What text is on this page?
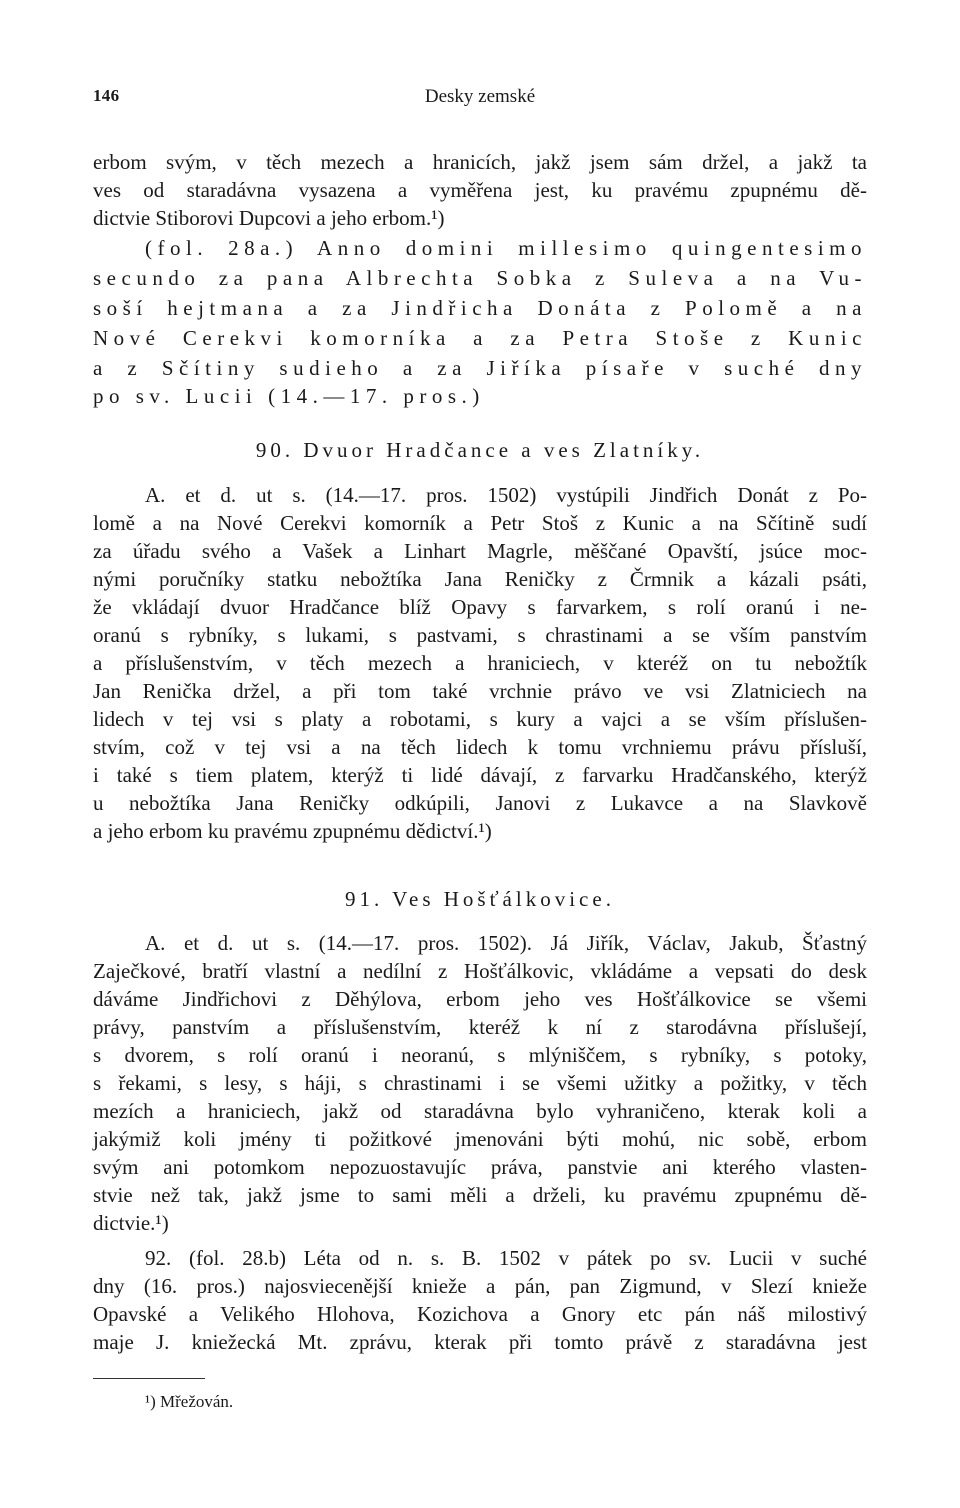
146	Desky zemské
erbom svým, v těch mezech a hranicích, jakž jsem sám držel, a jakž ta
ves od staradávna vysazena a vyměřena jest, ku pravému zpupnému dě-
dictvie Stiborovi Dupcovi a jeho erbom.¹)
(fol. 28a.) Anno domini millesimo quingentesimo
secundo za pana Albrechta Sobka z Suleva a na Vu-
soší hejtmana a za Jindřicha Donáta z Polomě a na
Nové Cerekvi komorníka a za Petra Stoše z Kunic
a z Sčítiny sudieho a za Jiříka písaře v suché dny
po sv. Lucii (14.—17. pros.)
90. Dvuor Hradčance a ves Zlatníky.
A. et d. ut s. (14.—17. pros. 1502) vystúpili Jindřich Donát z Po-
lomě a na Nové Cerekvi komorník a Petr Stoš z Kunic a na Sčítině sudí
za úřadu svého a Vašek a Linhart Magrle, měščané Opavští, jsúce moc-
nými poručníky statku nebožtíka Jana Reničky z Črmnik a kázali psáti,
že vkládají dvuor Hradčance blíž Opavy s farvarkem, s rolí oranú i ne-
oranú s rybníky, s lukami, s pastvami, s chrastinami a se vším panstvím
a příslušenstvím, v těch mezech a hraniciech, v kteréž on tu nebožtík
Jan Renička držel, a při tom také vrchnie právo ve vsi Zlatniciech na
lidech v tej vsi s platy a robotami, s kury a vajci a se vším příslušen-
stvím, což v tej vsi a na těch lidech k tomu vrchniemu právu přísluší,
i také s tiem platem, kterýž ti lidé dávají, z farvarku Hradčanského, kterýž
u nebožtíka Jana Reničky odkúpili, Janovi z Lukavce a na Slavkově
a jeho erbom ku pravému zpupnému dědictví.¹)
91. Ves Hošťálkovice.
A. et d. ut s. (14.—17. pros. 1502). Já Jiřík, Václav, Jakub, Šťastný
Zaječkové, bratří vlastní a nedílní z Hošťálkovic, vkládáme a vepsati do desk
dáváme Jindřichovi z Děhýlova, erbom jeho ves Hošťálkovice se všemi
právy, panstvím a příslušenstvím, kteréž k ní z starodávna příslušejí,
s dvorem, s rolí oranú i neoranú, s mlýniščem, s rybníky, s potoky,
s řekami, s lesy, s háji, s chrastinami i se všemi užitky a požitky, v těch
mezích a hraniciech, jakž od staradávna bylo vyhraničeno, kterak koli a
jakýmiž koli jmény ti požitkové jmenováni býti mohú, nic sobě, erbom
svým ani potomkom nepozuostavujíc práva, panstvie ani kterého vlasten-
stvie než tak, jakž jsme to sami měli a drželi, ku pravému zpupnému dě-
dictvie.¹)
92. (fol. 28.b) Léta od n. s. B. 1502 v pátek po sv. Lucii v suché
dny (16. pros.) najosviecenější kniežе a pán, pan Zigmund, v Slezí knieže
Opavské a Velikého Hlohova, Kozichova a Gnory etc pán náš milostivý
maje J. kniežecká Mt. zprávu, kterak při tomto právě z staradávna jest
¹) Mřežován.
